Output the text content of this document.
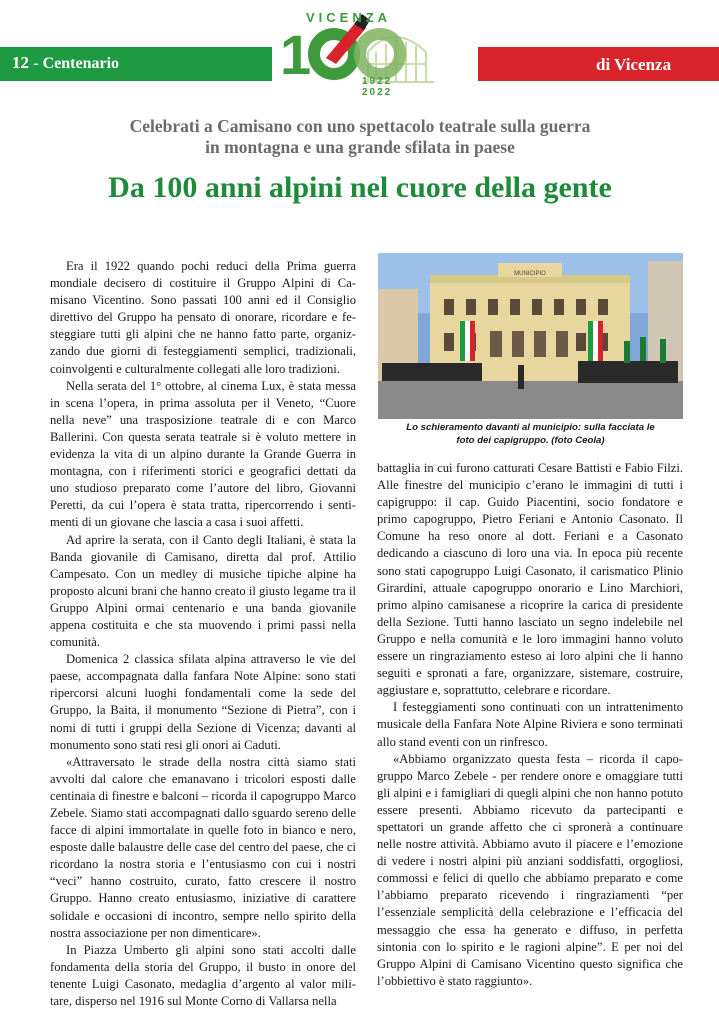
12 - Centenario	di Vicenza
1
VICENZA
1922
2022
Celebrati a Camisano con uno spettacolo teatrale sulla guerra
in montagna e una grande sfilata in paese
Da 100 anni alpini nel cuore della gente
MUNICIPIO
Lo schieramento davanti al municipio: sulla facciata le
foto dei capigruppo. (foto Ceola)

Era il 1922 quando pochi reduci della Prima guerra mondiale decisero di costituire il Gruppo Alpini di Camisano Vicentino. Sono passati 100 anni ed il Consiglio direttivo del Gruppo ha pensato di onorare, ricordare e festeggiare tutti gli alpini che ne hanno fatto parte, organizzando due giorni di festeggiamenti semplici, tradizionali, coinvolgenti e culturalmente collegati alle loro tradizioni.

Nella serata del 1° ottobre, al cinema Lux, è stata messa in scena l’opera, in prima assoluta per il Veneto, “Cuore nella neve” una trasposizione teatrale di e con Marco Ballerini. Con questa serata teatrale si è voluto mettere in evidenza la vita di un alpino durante la Grande Guerra in montagna, con i riferimenti storici e geografici dettati da uno studioso preparato come l’autore del libro, Giovanni Peretti, da cui l’opera è stata tratta, ripercorrendo i sentimenti di un giovane che lascia a casa i suoi affetti.

Ad aprire la serata, con il Canto degli Italiani, è stata la Banda giovanile di Camisano, diretta dal prof. Attilio Campesato. Con un medley di musiche tipiche alpine ha proposto alcuni brani che hanno creato il giusto legame tra il Gruppo Alpini ormai centenario e una banda giovanile appena costituita e che sta muovendo i primi passi nella comunità.

Domenica 2 classica sfilata alpina attraverso le vie del paese, accompagnata dalla fanfara Note Alpine: sono stati ripercorsi alcuni luoghi fondamentali come la sede del Gruppo, la Baita, il monumento “Sezione di Pietra”, con i nomi di tutti i gruppi della Sezione di Vicenza; davanti al monumento sono stati resi gli onori ai Caduti.

«Attraversato le strade della nostra città siamo stati avvolti dal calore che emanavano i tricolori esposti dalle centinaia di finestre e balconi – ricorda il capogruppo Marco Zebele. Siamo stati accompagnati dallo sguardo sereno delle facce di alpini immortalate in quelle foto in bianco e nero, esposte dalle balaustre delle case del centro del paese, che ci ricordano la nostra storia e l’entusiasmo con cui i nostri “veci” hanno costruito, curato, fatto crescere il nostro Gruppo. Hanno creato entusiasmo, iniziative di carattere solidale e occasioni di incontro, sempre nello spirito della nostra associazione per non dimenticare».

In Piazza Umberto gli alpini sono stati accolti dalle fondamenta della storia del Gruppo, il busto in onore del tenente Luigi Casonato, medaglia d’argento al valor militare, disperso nel 1916 sul Monte Corno di Vallarsa nella

battaglia in cui furono catturati Cesare Battisti e Fabio Filzi. Alle finestre del municipio c’erano le immagini di tutti i capigruppo: il cap. Guido Piacentini, socio fondatore e primo capogruppo, Pietro Feriani e Antonio Casonato. Il Comune ha reso onore al dott. Feriani e a Casonato dedicando a ciascuno di loro una via. In epoca più recente sono stati capogruppo Luigi Casonato, il carismatico Plinio Girardini, attuale capogruppo onorario e Lino Marchiori, primo alpino camisanese a ricoprire la carica di presidente della Sezione. Tutti hanno lasciato un segno indelebile nel Gruppo e nella comunità e le loro immagini hanno voluto essere un ringraziamento esteso ai loro alpini che li hanno seguiti e spronati a fare, organizzare, sistemare, costruire, aggiustare e, soprattutto, celebrare e ricordare.

I festeggiamenti sono continuati con un intrattenimento musicale della Fanfara Note Alpine Riviera e sono terminati allo stand eventi con un rinfresco.

«Abbiamo organizzato questa festa – ricorda il capogruppo Marco Zebele - per rendere onore e omaggiare tutti gli alpini e i famigliari di quegli alpini che non hanno potuto essere presenti. Abbiamo ricevuto da partecipanti e spettatori un grande affetto che ci spronerà a continuare nelle nostre attività. Abbiamo avuto il piacere e l’emozione di vedere i nostri alpini più anziani soddisfatti, orgogliosi, commossi e felici di quello che abbiamo preparato e come l’abbiamo preparato ricevendo i ringraziamenti “per l’essenziale semplicità della celebrazione e l’efficacia del messaggio che essa ha generato e diffuso, in perfetta sintonia con lo spirito e le ragioni alpine”. E per noi del Gruppo Alpini di Camisano Vicentino questo significa che l’obbiettivo è stato raggiunto».
